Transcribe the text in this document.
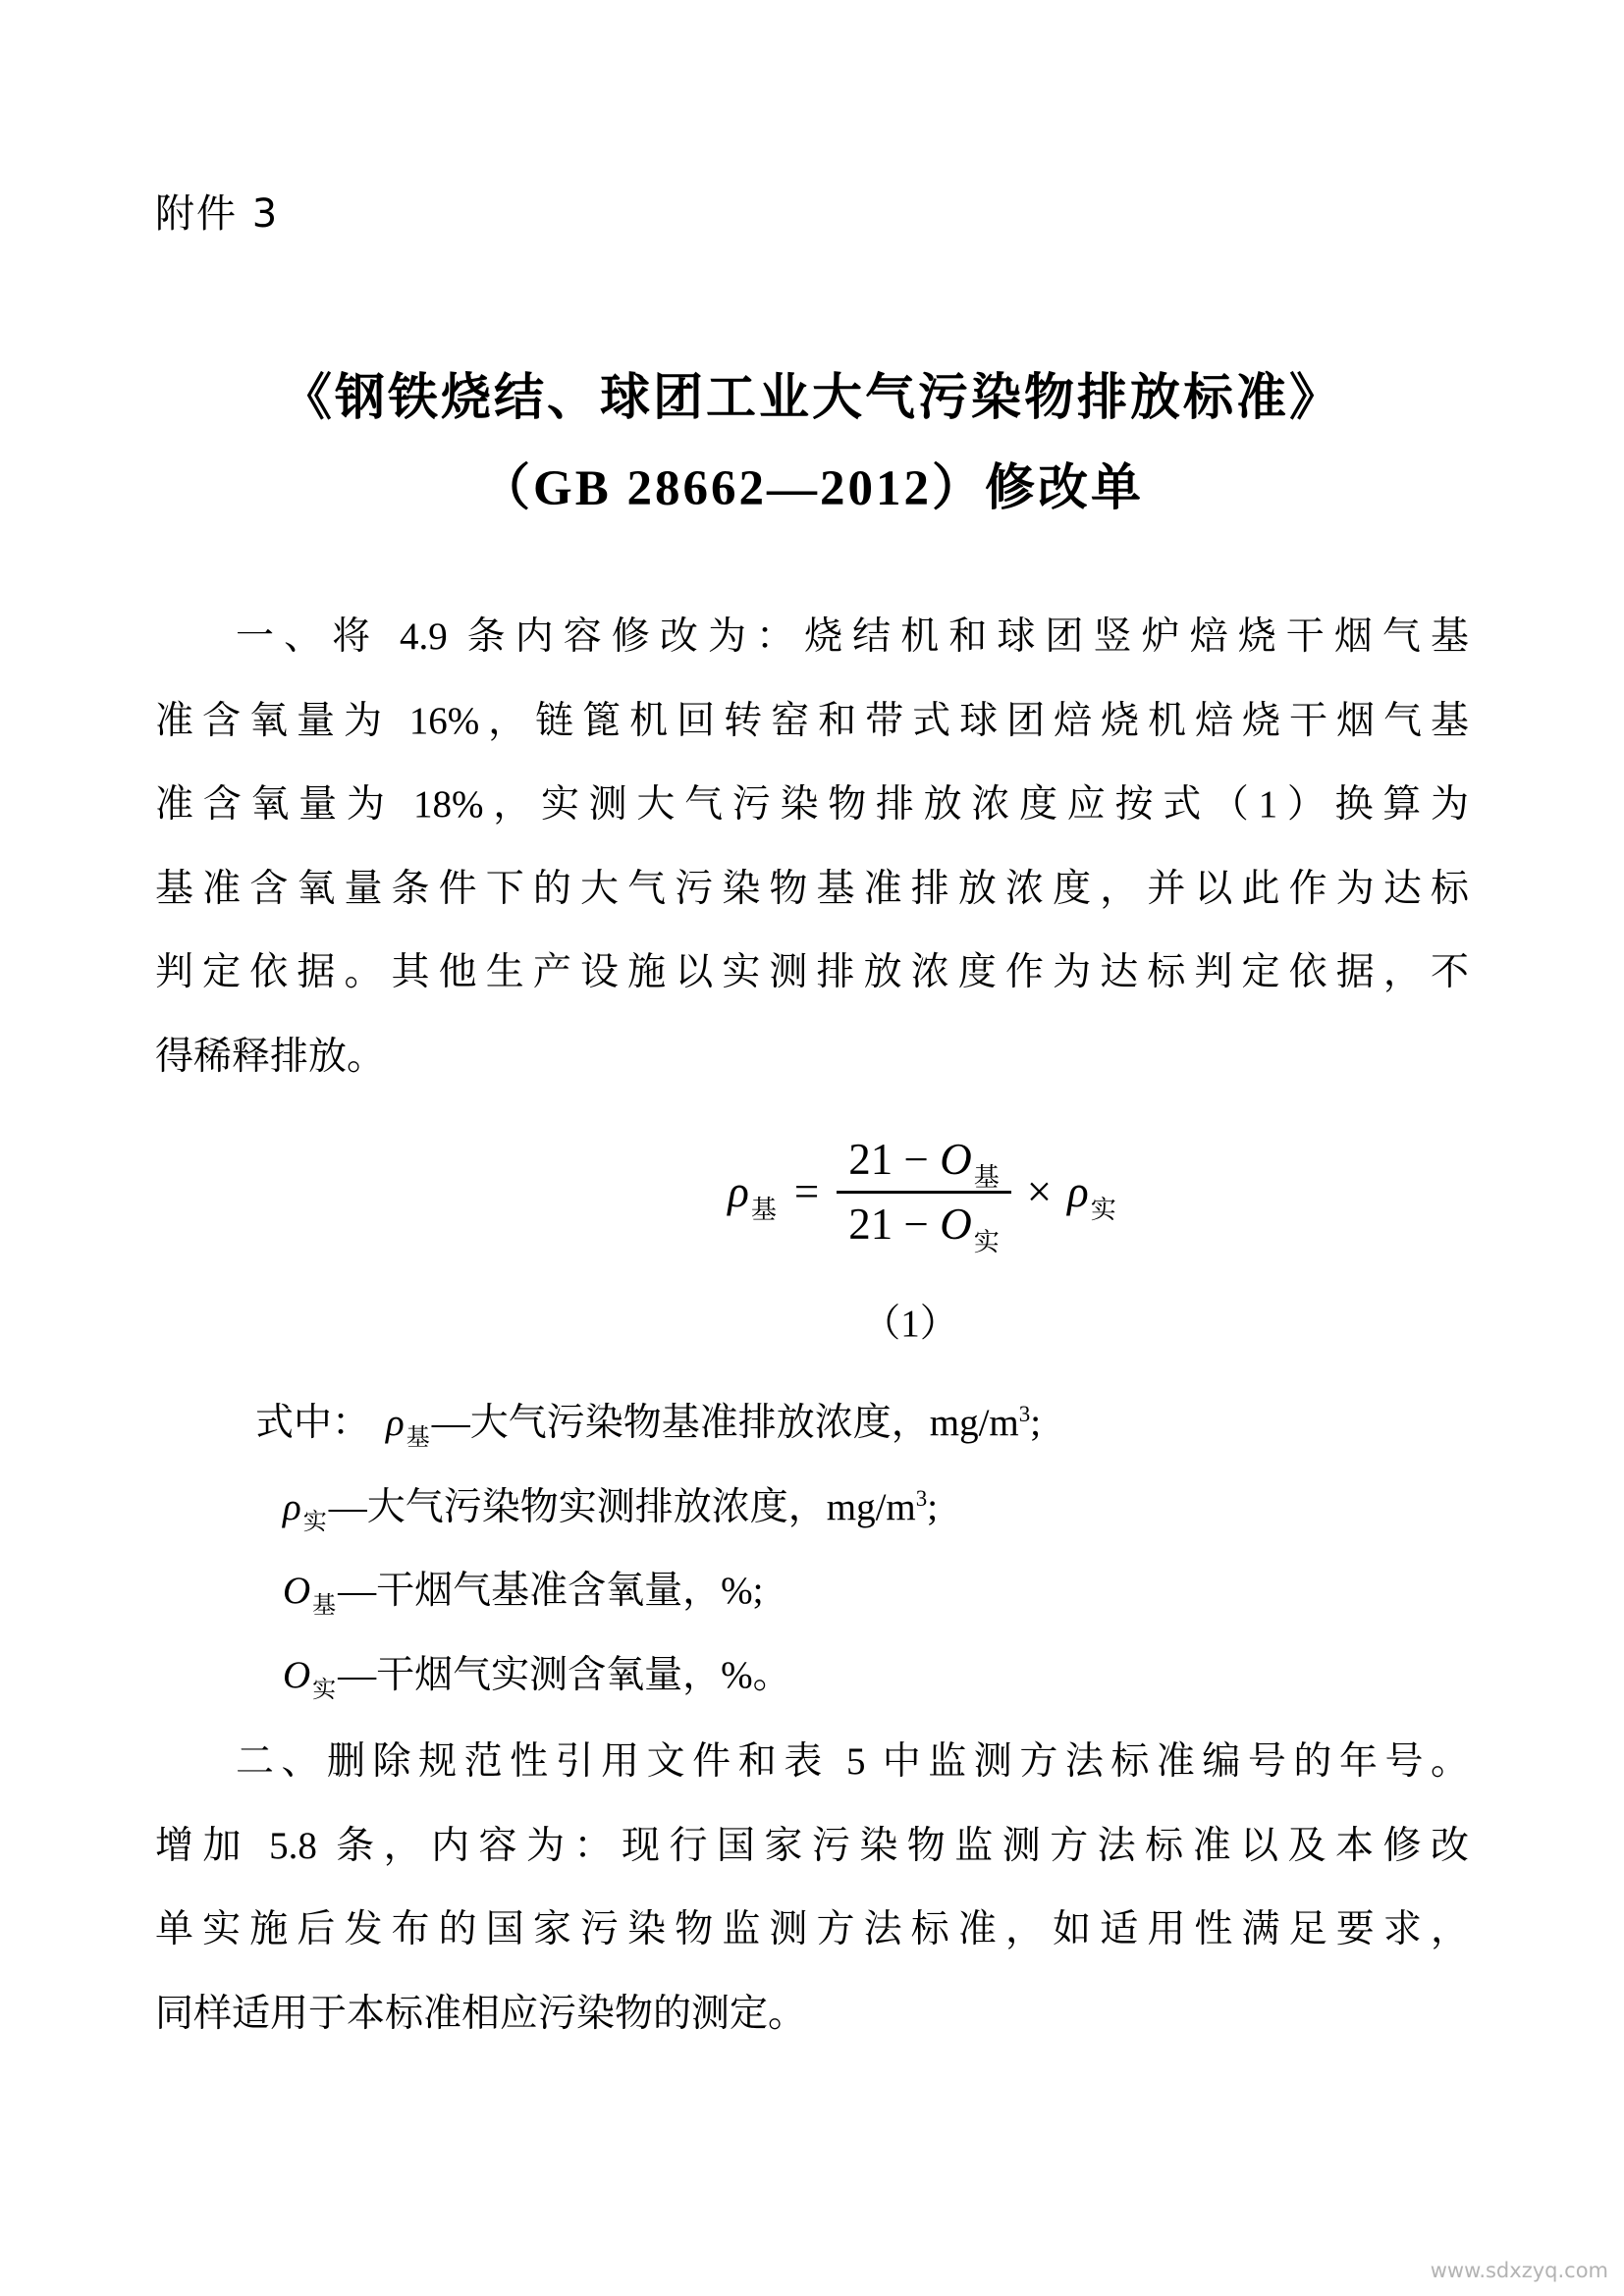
附件 3
《钢铁烧结、球团工业大气污染物排放标准》
（GB 28662—2012）修改单
一、将 4.9 条内容修改为：烧结机和球团竖炉焙烧干烟气基
准含氧量为 16%，链篦机回转窑和带式球团焙烧机焙烧干烟气基
准含氧量为 18%，实测大气污染物排放浓度应按式（1）换算为
基准含氧量条件下的大气污染物基准排放浓度，并以此作为达标
判定依据。其他生产设施以实测排放浓度作为达标判定依据，不
得稀释排放。
$\rho_基 = \frac{21 - O_基}{21 - O_实} \times \rho_实$
（1）
式中： $\rho_基—$大气污染物基准排放浓度，$mg/m^3$;
$\rho_实—$大气污染物实测排放浓度，$mg/m^3$;
$O_基—$干烟气基准含氧量，%;
$O_实—$干烟气实测含氧量，%。
二、删除规范性引用文件和表 5 中监测方法标准编号的年号。
增加 5.8 条，内容为：现行国家污染物监测方法标准以及本修改
单实施后发布的国家污染物监测方法标准，如适用性满足要求，
同样适用于本标准相应污染物的测定。
www.sdxzyq.com
